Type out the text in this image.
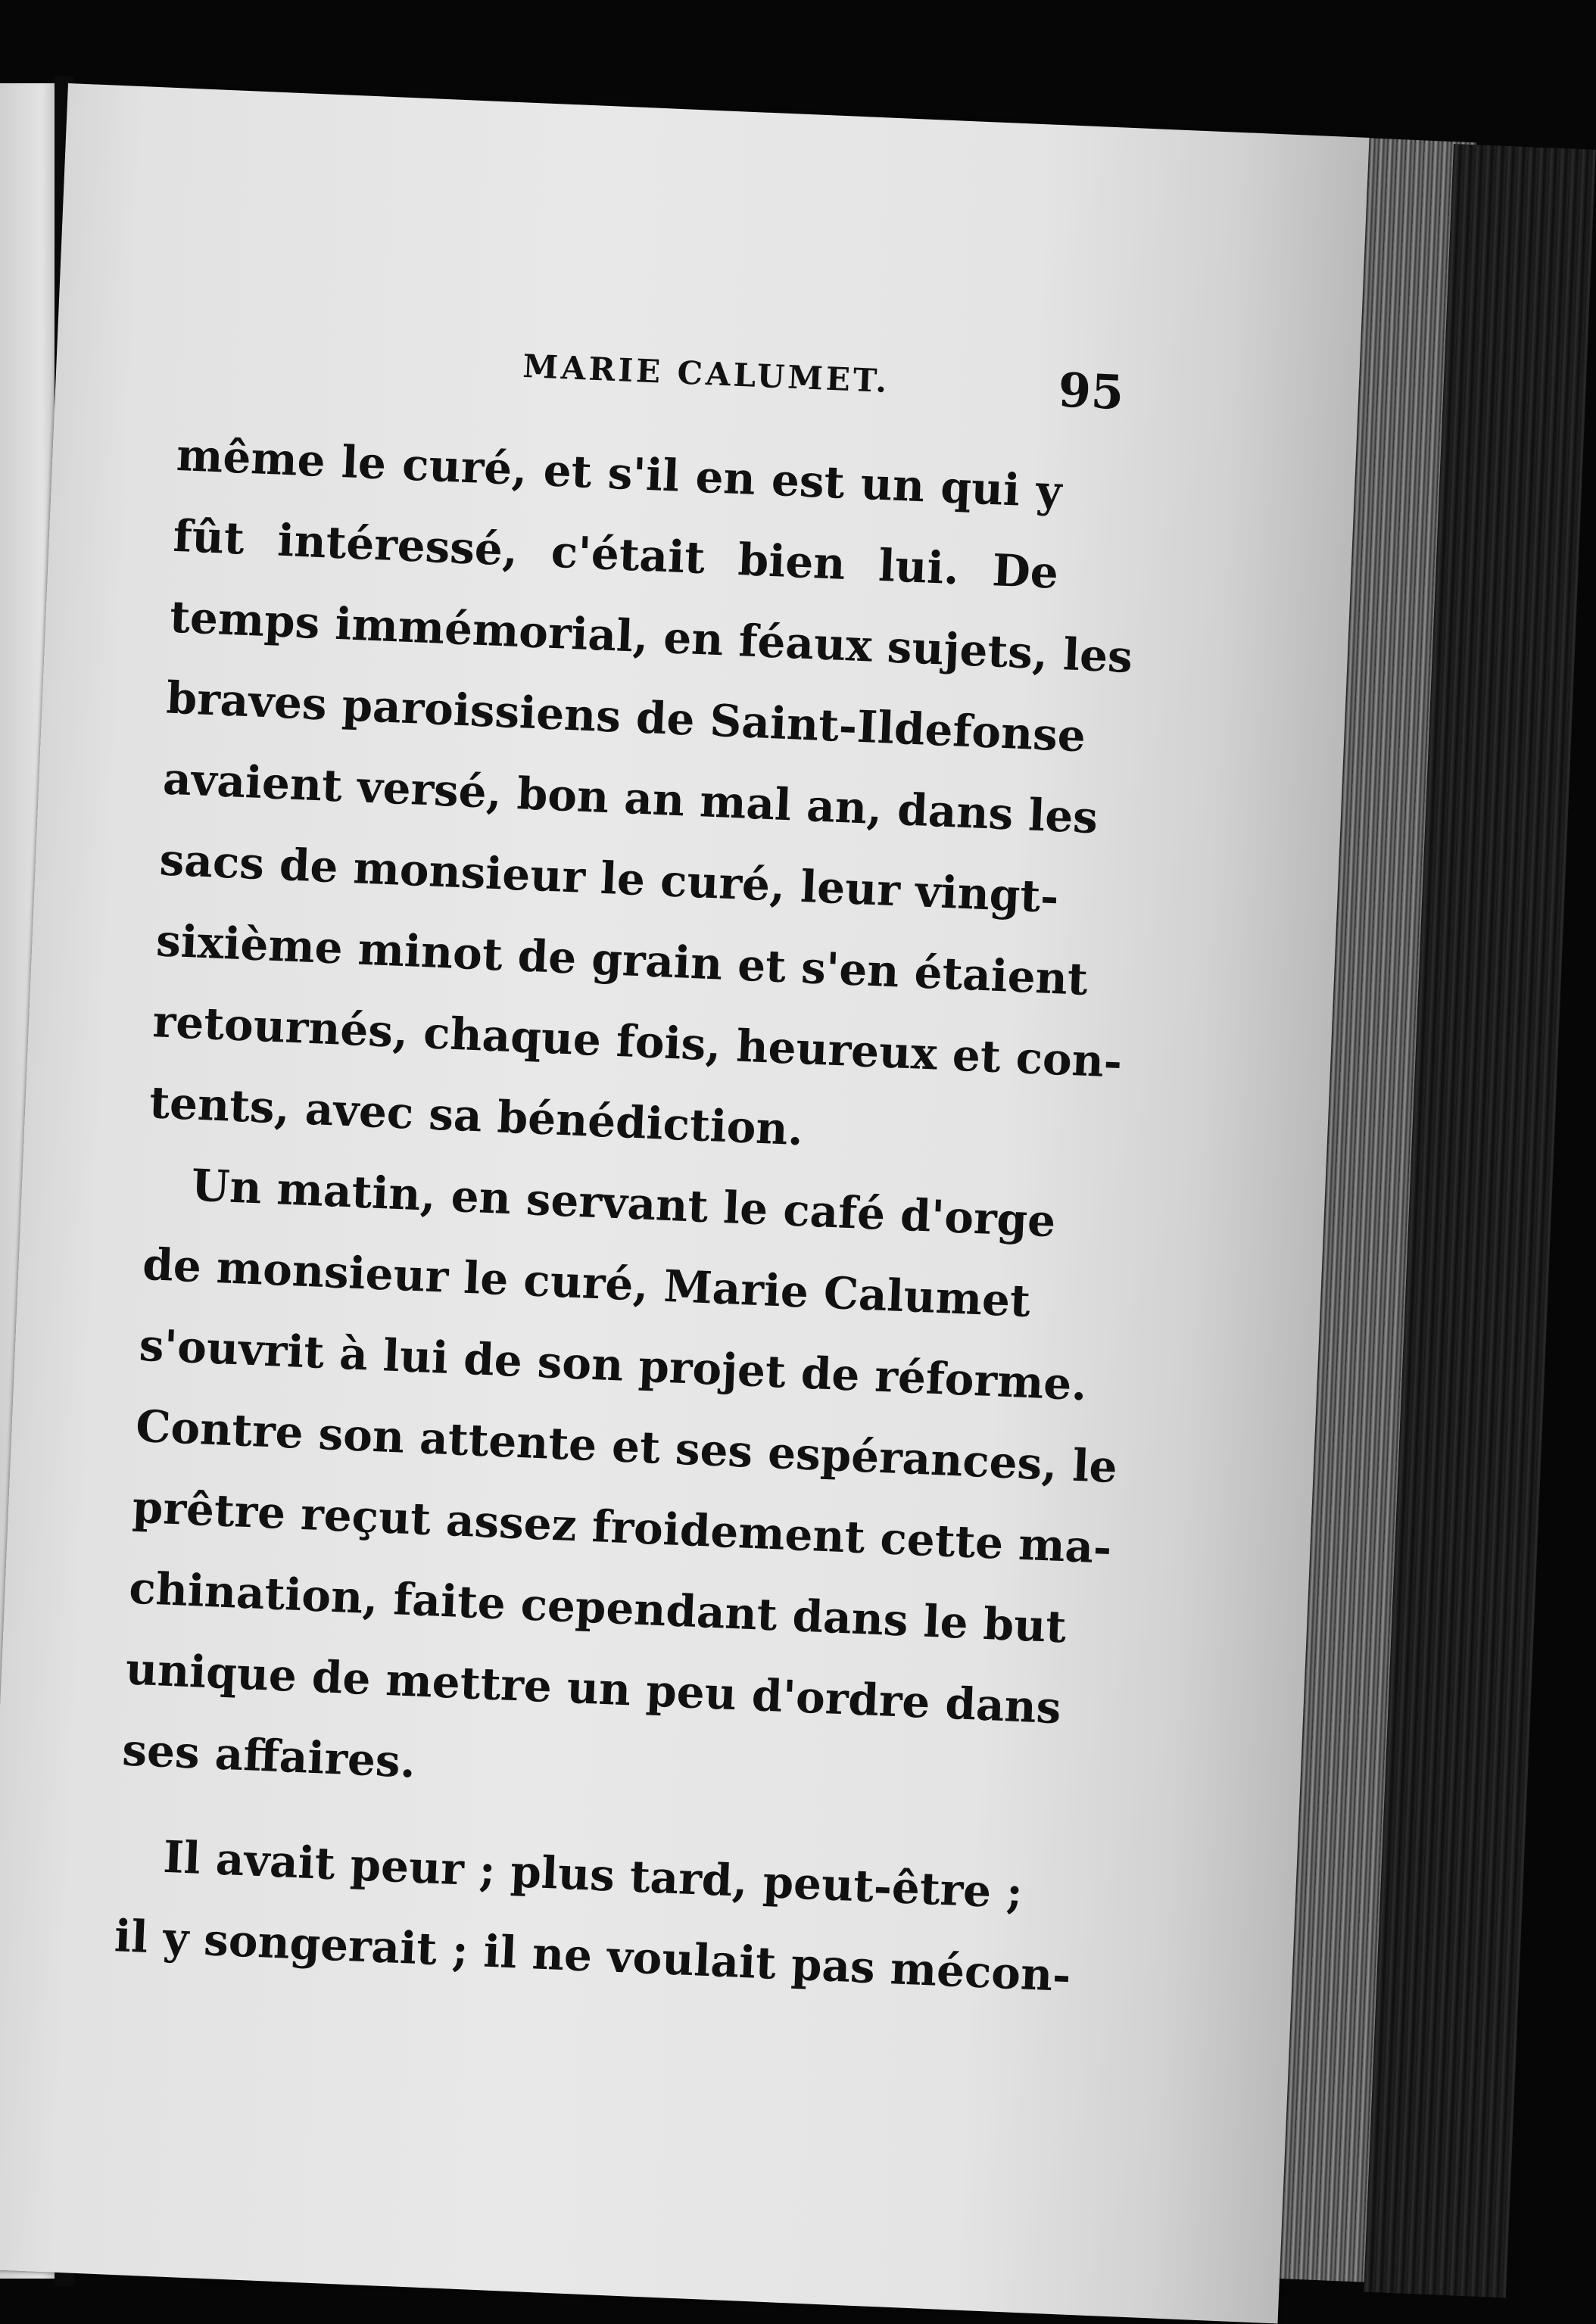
MARIE CALUMET.	95
même le curé, et s'il en est un qui y
fût intéressé, c'était bien lui. De
temps immémorial, en féaux sujets, les
braves paroissiens de Saint-Ildefonse
avaient versé, bon an mal an, dans les
sacs de monsieur le curé, leur vingt-
sixième minot de grain et s'en étaient
retournés, chaque fois, heureux et con-
tents, avec sa bénédiction.
Un matin, en servant le café d'orge
de monsieur le curé, Marie Calumet
s'ouvrit à lui de son projet de réforme.
Contre son attente et ses espérances, le
prêtre reçut assez froidement cette ma-
chination, faite cependant dans le but
unique de mettre un peu d'ordre dans
ses affaires.
Il avait peur ; plus tard, peut-être ;
il y songerait ; il ne voulait pas mécon-
